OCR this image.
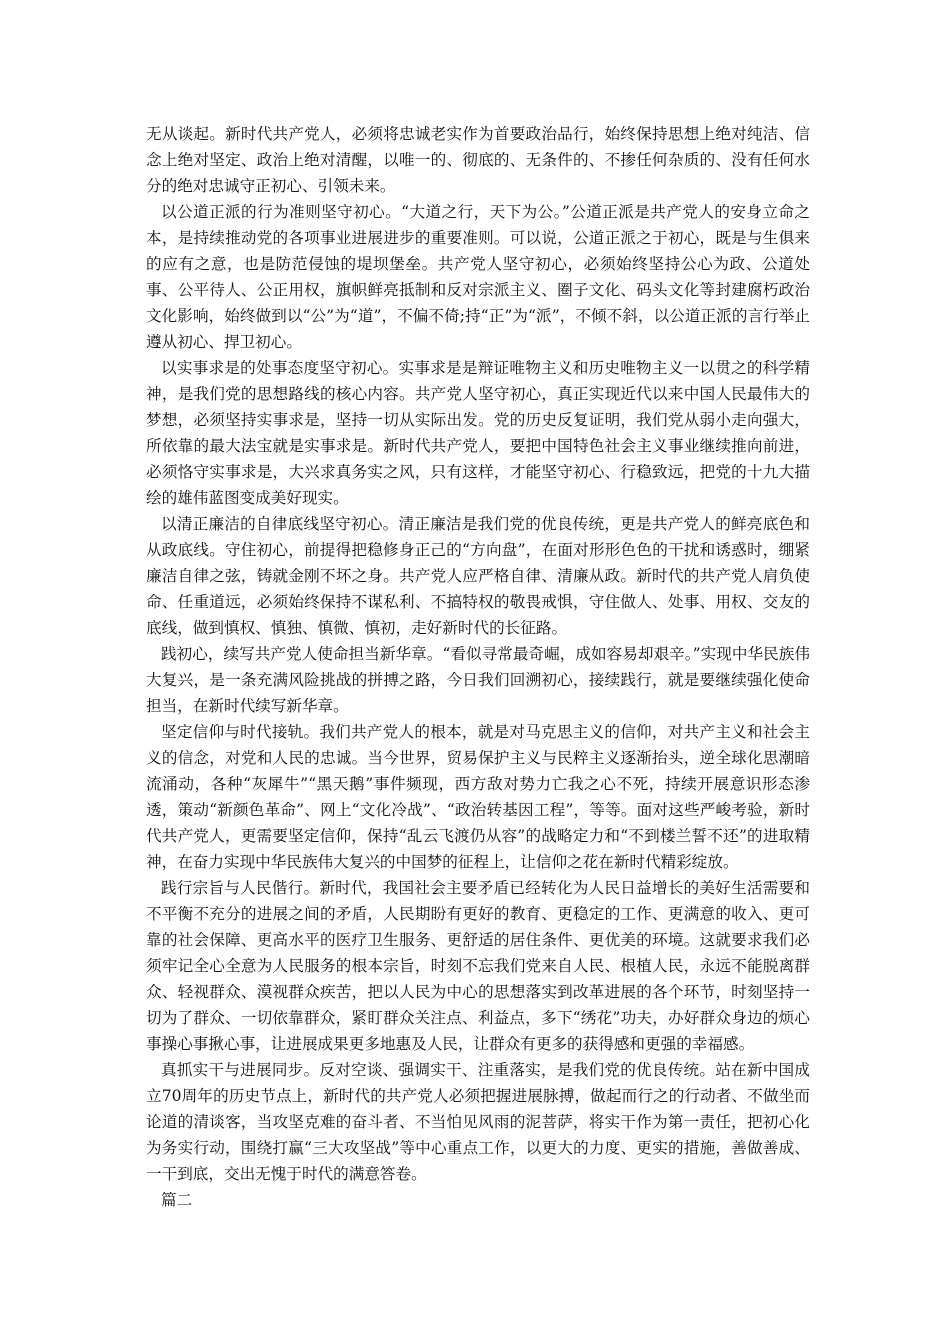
无从谈起。新时代共产党人，必须将忠诚老实作为首要政治品行，始终保持思想上绝对纯洁、信念上绝对坚定、政治上绝对清醒，以唯一的、彻底的、无条件的、不掺任何杂质的、没有任何水分的绝对忠诚守正初心、引领未来。

以公道正派的行为准则坚守初心。“大道之行，天下为公。”公道正派是共产党人的安身立命之本，是持续推动党的各项事业进展进步的重要准则。可以说，公道正派之于初心，既是与生俱来的应有之意，也是防范侵蚀的堤坝堡垒。共产党人坚守初心，必须始终坚持公心为政、公道处事、公平待人、公正用权，旗帜鲜亮抵制和反对宗派主义、圈子文化、码头文化等封建腐朽政治文化影响，始终做到以“公”为“道”，不偏不倚;持“正”为“派”，不倾不斜，以公道正派的言行举止遵从初心、捍卫初心。

以实事求是的处事态度坚守初心。实事求是是辩证唯物主义和历史唯物主义一以贯之的科学精神，是我们党的思想路线的核心内容。共产党人坚守初心，真正实现近代以来中国人民最伟大的梦想，必须坚持实事求是，坚持一切从实际出发。党的历史反复证明，我们党从弱小走向强大，所依靠的最大法宝就是实事求是。新时代共产党人，要把中国特色社会主义事业继续推向前进，必须恪守实事求是，大兴求真务实之风，只有这样，才能坚守初心、行稳致远，把党的十九大描绘的雄伟蓝图变成美好现实。

以清正廉洁的自律底线坚守初心。清正廉洁是我们党的优良传统，更是共产党人的鲜亮底色和从政底线。守住初心，前提得把稳修身正己的“方向盘”，在面对形形色色的干扰和诱惑时，绷紧廉洁自律之弦，铸就金刚不坏之身。共产党人应严格自律、清廉从政。新时代的共产党人肩负使命、任重道远，必须始终保持不谋私利、不搞特权的敬畏戒惧，守住做人、处事、用权、交友的底线，做到慎权、慎独、慎微、慎初，走好新时代的长征路。

践初心，续写共产党人使命担当新华章。“看似寻常最奇崛，成如容易却艰辛。”实现中华民族伟大复兴，是一条充满风险挑战的拼搏之路，今日我们回溯初心，接续践行，就是要继续强化使命担当，在新时代续写新华章。

坚定信仰与时代接轨。我们共产党人的根本，就是对马克思主义的信仰，对共产主义和社会主义的信念，对党和人民的忠诚。当今世界，贸易保护主义与民粹主义逐渐抬头，逆全球化思潮暗流涌动，各种“灰犀牛”“黑天鹅”事件频现，西方敌对势力亡我之心不死，持续开展意识形态渗透，策动“新颜色革命”、网上“文化冷战”、“政治转基因工程”，等等。面对这些严峻考验，新时代共产党人，更需要坚定信仰，保持“乱云飞渡仍从容”的战略定力和“不到楼兰誓不还”的进取精神，在奋力实现中华民族伟大复兴的中国梦的征程上，让信仰之花在新时代精彩绽放。

践行宗旨与人民偕行。新时代，我国社会主要矛盾已经转化为人民日益增长的美好生活需要和不平衡不充分的进展之间的矛盾，人民期盼有更好的教育、更稳定的工作、更满意的收入、更可靠的社会保障、更高水平的医疗卫生服务、更舒适的居住条件、更优美的环境。这就要求我们必须牢记全心全意为人民服务的根本宗旨，时刻不忘我们党来自人民、根植人民，永远不能脱离群众、轻视群众、漠视群众疾苦，把以人民为中心的思想落实到改革进展的各个环节，时刻坚持一切为了群众、一切依靠群众，紧盯群众关注点、利益点，多下“绣花”功夫，办好群众身边的烦心事操心事揪心事，让进展成果更多地惠及人民，让群众有更多的获得感和更强的幸福感。

真抓实干与进展同步。反对空谈、强调实干、注重落实，是我们党的优良传统。站在新中国成立70周年的历史节点上，新时代的共产党人必须把握进展脉搏，做起而行之的行动者、不做坐而论道的清谈客，当攻坚克难的奋斗者、不当怕见风雨的泥菩萨，将实干作为第一责任，把初心化为务实行动，围绕打赢“三大攻坚战”等中心重点工作，以更大的力度、更实的措施，善做善成、一干到底，交出无愧于时代的满意答卷。

篇二
